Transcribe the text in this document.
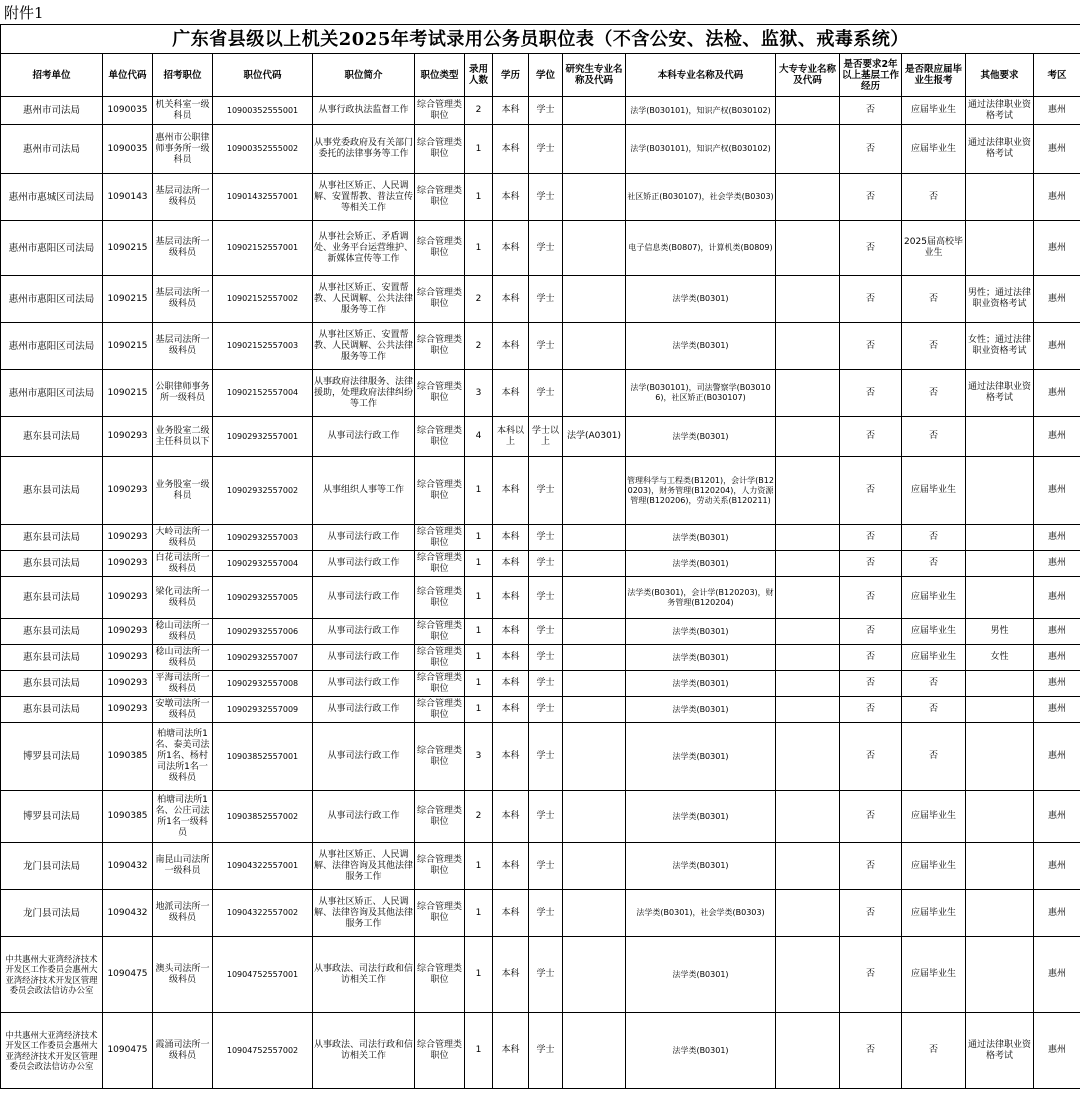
附件1
广东省县级以上机关2025年考试录用公务员职位表（不含公安、法检、监狱、戒毒系统）															
招考单位	单位代码	招考职位	职位代码	职位简介	职位类型	录用人数	学历	学位	研究生专业名称及代码	本科专业名称及代码	大专专业名称及代码	是否要求2年以上基层工作经历	是否限应届毕业生报考	其他要求	考区
惠州市司法局	1090035	机关科室一级科员	10900352555001	从事行政执法监督工作	综合管理类职位	2	本科	学士		法学(B030101)，知识产权(B030102)		否	应届毕业生	通过法律职业资格考试	惠州
惠州市司法局	1090035	惠州市公职律师事务所一级科员	10900352555002	从事党委政府及有关部门委托的法律事务等工作	综合管理类职位	1	本科	学士		法学(B030101)，知识产权(B030102)		否	应届毕业生	通过法律职业资格考试	惠州
惠州市惠城区司法局	1090143	基层司法所一级科员	10901432557001	从事社区矫正、人民调解、安置帮教、普法宣传等相关工作	综合管理类职位	1	本科	学士		社区矫正(B030107)，社会学类(B0303)		否	否		惠州
惠州市惠阳区司法局	1090215	基层司法所一级科员	10902152557001	从事社会矫正、矛盾调处、业务平台运营维护、新媒体宣传等工作	综合管理类职位	1	本科	学士		电子信息类(B0807)，计算机类(B0809)		否	2025届高校毕业生		惠州
惠州市惠阳区司法局	1090215	基层司法所一级科员	10902152557002	从事社区矫正、安置帮教、人民调解、公共法律服务等工作	综合管理类职位	2	本科	学士		法学类(B0301)		否	否	男性；通过法律职业资格考试	惠州
惠州市惠阳区司法局	1090215	基层司法所一级科员	10902152557003	从事社区矫正、安置帮教、人民调解、公共法律服务等工作	综合管理类职位	2	本科	学士		法学类(B0301)		否	否	女性；通过法律职业资格考试	惠州
惠州市惠阳区司法局	1090215	公职律师事务所一级科员	10902152557004	从事政府法律服务、法律援助，处理政府法律纠纷等工作	综合管理类职位	3	本科	学士		法学(B030101)，司法警察学(B030106)，社区矫正(B030107)		否	否	通过法律职业资格考试	惠州
惠东县司法局	1090293	业务股室二级主任科员以下	10902932557001	从事司法行政工作	综合管理类职位	4	本科以上	学士以上	法学(A0301)	法学类(B0301)		否	否		惠州
惠东县司法局	1090293	业务股室一级科员	10902932557002	从事组织人事等工作	综合管理类职位	1	本科	学士		管理科学与工程类(B1201)，会计学(B120203)，财务管理(B120204)，人力资源管理(B120206)，劳动关系(B120211)		否	应届毕业生		惠州
惠东县司法局	1090293	大岭司法所一级科员	10902932557003	从事司法行政工作	综合管理类职位	1	本科	学士		法学类(B0301)		否	否		惠州
惠东县司法局	1090293	白花司法所一级科员	10902932557004	从事司法行政工作	综合管理类职位	1	本科	学士		法学类(B0301)		否	否		惠州
惠东县司法局	1090293	梁化司法所一级科员	10902932557005	从事司法行政工作	综合管理类职位	1	本科	学士		法学类(B0301)，会计学(B120203)，财务管理(B120204)		否	应届毕业生		惠州
惠东县司法局	1090293	稔山司法所一级科员	10902932557006	从事司法行政工作	综合管理类职位	1	本科	学士		法学类(B0301)		否	应届毕业生	男性	惠州
惠东县司法局	1090293	稔山司法所一级科员	10902932557007	从事司法行政工作	综合管理类职位	1	本科	学士		法学类(B0301)		否	应届毕业生	女性	惠州
惠东县司法局	1090293	平海司法所一级科员	10902932557008	从事司法行政工作	综合管理类职位	1	本科	学士		法学类(B0301)		否	否		惠州
惠东县司法局	1090293	安墩司法所一级科员	10902932557009	从事司法行政工作	综合管理类职位	1	本科	学士		法学类(B0301)		否	否		惠州
博罗县司法局	1090385	柏塘司法所1名、泰美司法所1名、杨村司法所1名一级科员	10903852557001	从事司法行政工作	综合管理类职位	3	本科	学士		法学类(B0301)		否	否		惠州
博罗县司法局	1090385	柏塘司法所1名、公庄司法所1名一级科员	10903852557002	从事司法行政工作	综合管理类职位	2	本科	学士		法学类(B0301)		否	应届毕业生		惠州
龙门县司法局	1090432	南昆山司法所一级科员	10904322557001	从事社区矫正、人民调解、法律咨询及其他法律服务工作	综合管理类职位	1	本科	学士		法学类(B0301)		否	应届毕业生		惠州
龙门县司法局	1090432	地派司法所一级科员	10904322557002	从事社区矫正、人民调解、法律咨询及其他法律服务工作	综合管理类职位	1	本科	学士		法学类(B0301)，社会学类(B0303)		否	应届毕业生		惠州
中共惠州大亚湾经济技术开发区工作委员会惠州大亚湾经济技术开发区管理委员会政法信访办公室	1090475	澳头司法所一级科员	10904752557001	从事政法、司法行政和信访相关工作	综合管理类职位	1	本科	学士		法学类(B0301)		否	应届毕业生		惠州
中共惠州大亚湾经济技术开发区工作委员会惠州大亚湾经济技术开发区管理委员会政法信访办公室	1090475	霞涌司法所一级科员	10904752557002	从事政法、司法行政和信访相关工作	综合管理类职位	1	本科	学士		法学类(B0301)		否	否	通过法律职业资格考试	惠州
